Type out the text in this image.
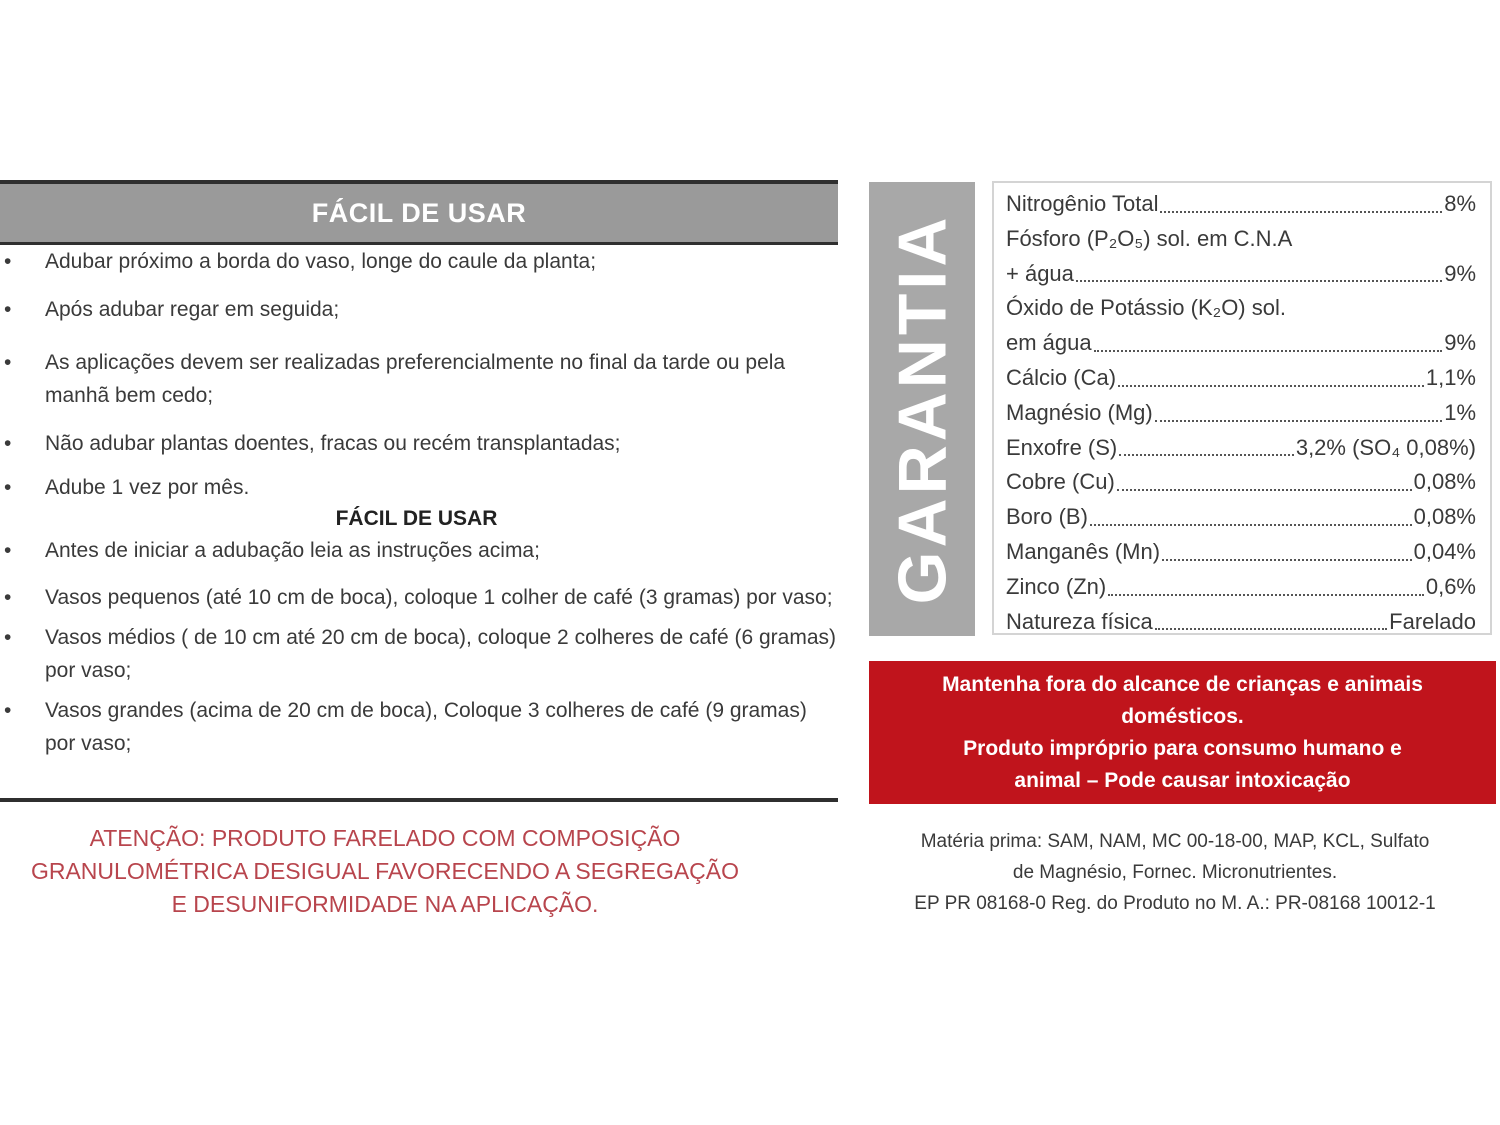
FÁCIL DE USAR
• Adubar próximo a borda do vaso, longe do caule da planta;
• Após adubar regar em seguida;
• As aplicações devem ser realizadas preferencialmente no final da tarde ou pela manhã bem cedo;
• Não adubar plantas doentes, fracas ou recém transplantadas;
• Adube 1 vez por mês.
FÁCIL DE USAR
• Antes de iniciar a adubação leia as instruções acima;
• Vasos pequenos (até 10 cm de boca), coloque 1 colher de café (3 gramas) por vaso;
• Vasos médios ( de 10 cm até 20 cm de boca), coloque 2 colheres de café (6 gramas) por vaso;
• Vasos grandes (acima de 20 cm de boca), Coloque 3 colheres de café (9 gramas) por vaso;
ATENÇÃO: PRODUTO FARELADO COM COMPOSIÇÃO
GRANULOMÉTRICA DESIGUAL FAVORECENDO A SEGREGAÇÃO
E DESUNIFORMIDADE NA APLICAÇÃO.
GARANTIA
Nitrogênio Total	8%
Fósforo (P₂O₅) sol. em C.N.A
+ água	9%
Óxido de Potássio (K₂O) sol.
em água	9%
Cálcio (Ca)	1,1%
Magnésio (Mg)	1%
Enxofre (S)	3,2% (SO₄ 0,08%)
Cobre (Cu)	0,08%
Boro (B)	0,08%
Manganês (Mn)	0,04%
Zinco (Zn)	0,6%
Natureza física	Farelado
Mantenha fora do alcance de crianças e animais
domésticos.
Produto impróprio para consumo humano e
animal – Pode causar intoxicação
Matéria prima: SAM, NAM, MC 00-18-00, MAP, KCL, Sulfato
de Magnésio, Fornec. Micronutrientes.
EP PR 08168-0 Reg. do Produto no M. A.: PR-08168 10012-1
